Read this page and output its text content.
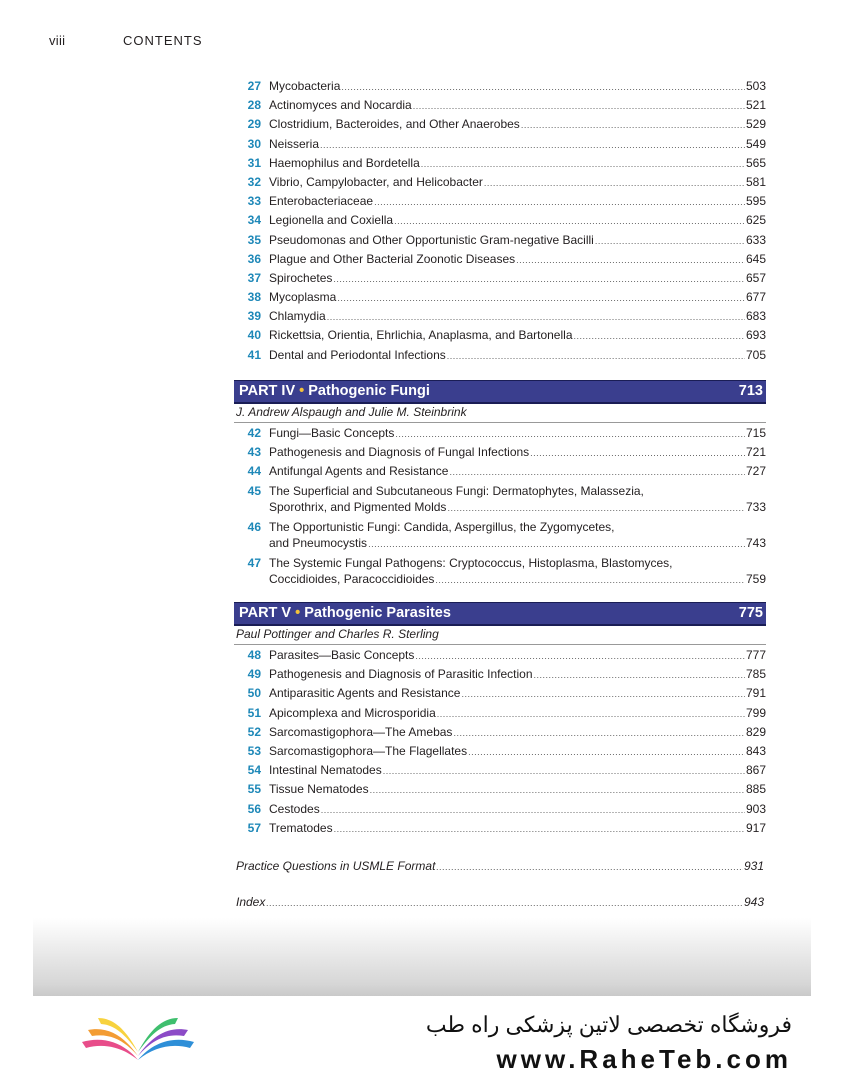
viii	CONTENTS
27 Mycobacteria .....	503
28 Actinomyces and Nocardia .....	521
29 Clostridium, Bacteroides, and Other Anaerobes .....	529
30 Neisseria .....	549
31 Haemophilus and Bordetella .....	565
32 Vibrio, Campylobacter, and Helicobacter .....	581
33 Enterobacteriaceae .....	595
34 Legionella and Coxiella .....	625
35 Pseudomonas and Other Opportunistic Gram-negative Bacilli .....	633
36 Plague and Other Bacterial Zoonotic Diseases .....	645
37 Spirochetes .....	657
38 Mycoplasma .....	677
39 Chlamydia .....	683
40 Rickettsia, Orientia, Ehrlichia, Anaplasma, and Bartonella .....	693
41 Dental and Periodontal Infections .....	705
PART IV • Pathogenic Fungi	713
J. Andrew Alspaugh and Julie M. Steinbrink
42 Fungi—Basic Concepts .....	715
43 Pathogenesis and Diagnosis of Fungal Infections .....	721
44 Antifungal Agents and Resistance .....	727
45 The Superficial and Subcutaneous Fungi: Dermatophytes, Malassezia,
Sporothrix, and Pigmented Molds .....	733
46 The Opportunistic Fungi: Candida, Aspergillus, the Zygomycetes,
and Pneumocystis .....	743
47 The Systemic Fungal Pathogens: Cryptococcus, Histoplasma, Blastomyces,
Coccidioides, Paracoccidioides .....	759
PART V • Pathogenic Parasites	775
Paul Pottinger and Charles R. Sterling
48 Parasites—Basic Concepts .....	777
49 Pathogenesis and Diagnosis of Parasitic Infection .....	785
50 Antiparasitic Agents and Resistance .....	791
51 Apicomplexa and Microsporidia .....	799
52 Sarcomastigophora—The Amebas .....	829
53 Sarcomastigophora—The Flagellates .....	843
54 Intestinal Nematodes .....	867
55 Tissue Nematodes .....	885
56 Cestodes .....	903
57 Trematodes .....	917
Practice Questions in USMLE Format .....	931
Index .....	943
فروشگاه تخصصی لاتین پزشکی راه طب
www.RaheTeb.com
